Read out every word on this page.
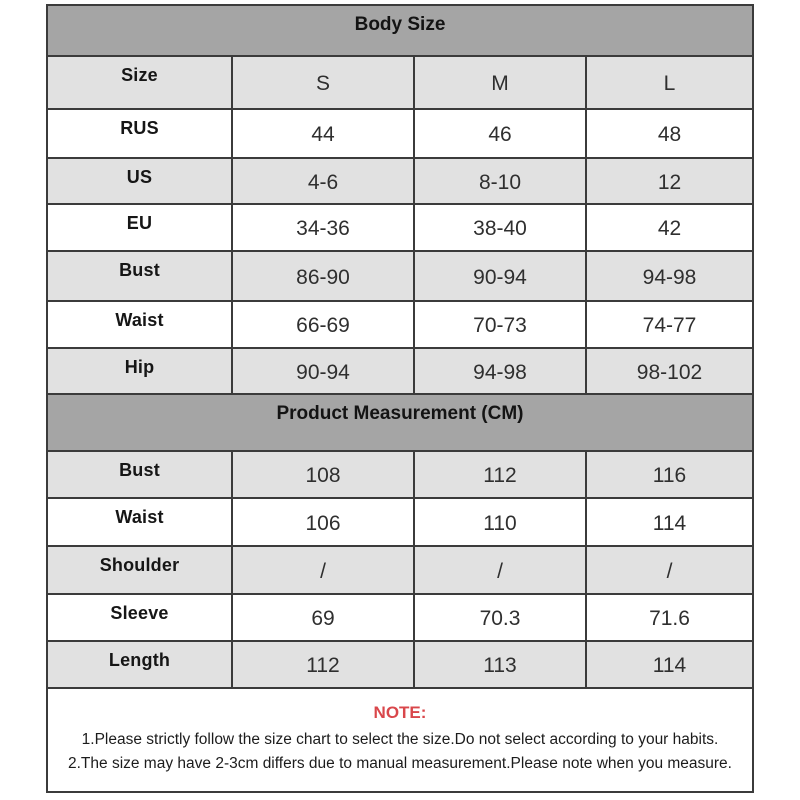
Body Size			
Size	S	M	L
RUS	44	46	48
US	4-6	8-10	12
EU	34-36	38-40	42
Bust	86-90	90-94	94-98
Waist	66-69	70-73	74-77
Hip	90-94	94-98	98-102
Product Measurement (CM)			
Bust	108	112	116
Waist	106	110	114
Shoulder	/	/	/
Sleeve	69	70.3	71.6
Length	112	113	114

NOTE:
1.Please strictly follow the size chart to select the size.Do not select according to your habits.
2.The size may have 2-3cm differs due to manual measurement.Please note when you measure.			
